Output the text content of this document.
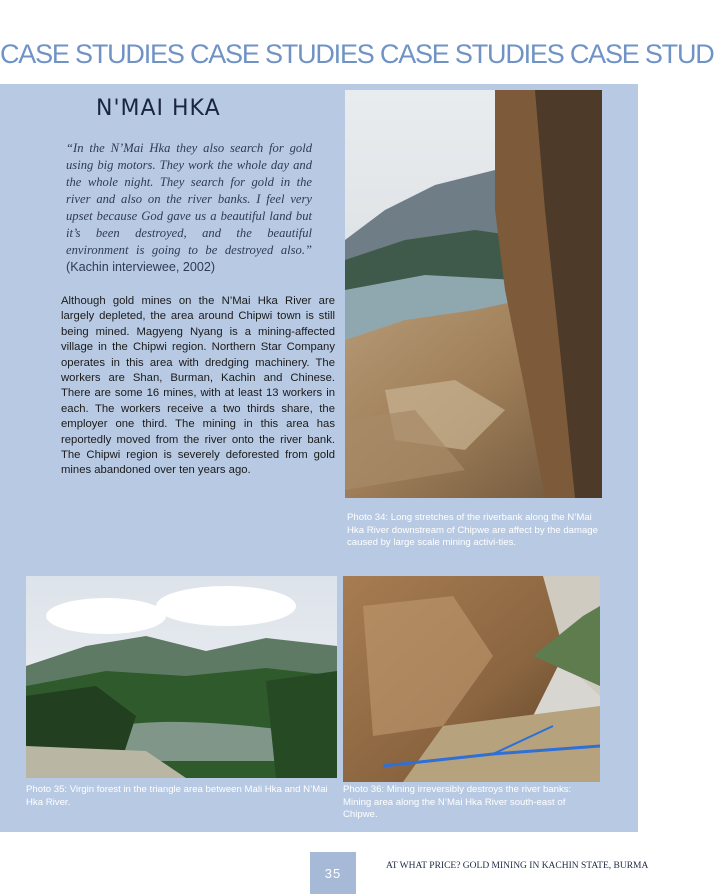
CASE STUDIES CASE STUDIES CASE STUDIES CASE STUD
N'MAI HKA
“In the N’Mai Hka they also search for gold using big motors. They work the whole day and the whole night. They search for gold in the river and also on the river banks. I feel very upset because God gave us a beautiful land but it’s been destroyed, and the beautiful environment is going to be destroyed also.” (Kachin interviewee, 2002)
Although gold mines on the N’Mai Hka River are largely depleted, the area around Chipwi town is still being mined. Magyeng Nyang is a mining-affected village in the Chipwi region. Northern Star Company operates in this area with dredging machinery. The workers are Shan, Burman, Kachin and Chinese. There are some 16 mines, with at least 13 workers in each. The workers receive a two thirds share, the employer one third. The mining in this area has reportedly moved from the river onto the river bank. The Chipwi region is severely deforested from gold mines abandoned over ten years ago.
Photo 34: Long stretches of the riverbank along the N’Mai Hka River downstream of Chipwe are affect by the damage caused by large scale mining activi-ties.
Photo 35: Virgin forest in the triangle area between Mali Hka and N’Mai Hka River.
Photo 36: Mining irreversibly destroys the river banks: Mining area along the N’Mai Hka River south-east of Chipwe.
35	AT WHAT PRICE? GOLD MINING IN KACHIN STATE, BURMA
